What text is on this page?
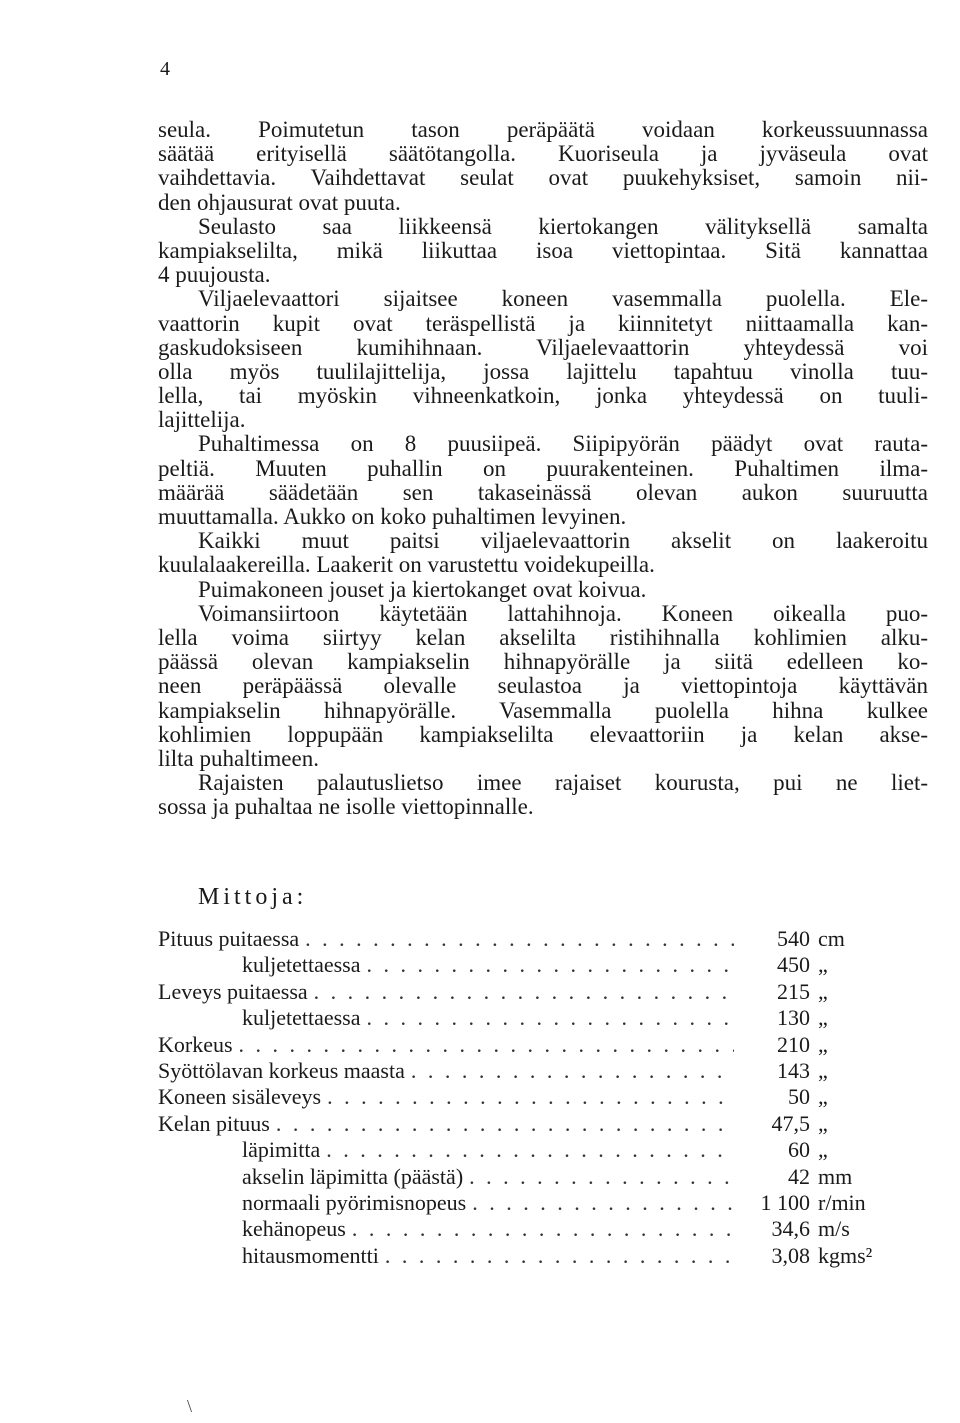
4
seula. Poimutetun tason peräpäätä voidaan korkeussuunnassa
säätää erityisellä säätötangolla. Kuoriseula ja jyväseula ovat
vaihdettavia. Vaihdettavat seulat ovat puukehyksiset, samoin nii-
den ohjausurat ovat puuta.
Seulasto saa liikkeensä kiertokangen välityksellä samalta
kampiakselilta, mikä liikuttaa isoa viettopintaa. Sitä kannattaa
4 puujousta.
Viljaelevaattori sijaitsee koneen vasemmalla puolella. Ele-
vaattorin kupit ovat teräspellistä ja kiinnitetyt niittaamalla kan-
gaskudoksiseen kumihihnaan. Viljaelevaattorin yhteydessä voi
olla myös tuulilajittelija, jossa lajittelu tapahtuu vinolla tuu-
lella, tai myöskin vihneenkatkoin, jonka yhteydessä on tuuli-
lajittelija.
Puhaltimessa on 8 puusiipeä. Siipipyörän päädyt ovat rauta-
peltiä. Muuten puhallin on puurakenteinen. Puhaltimen ilma-
määrää säädetään sen takaseinässä olevan aukon suuruutta
muuttamalla. Aukko on koko puhaltimen levyinen.
Kaikki muut paitsi viljaelevaattorin akselit on laakeroitu
kuulalaakereilla. Laakerit on varustettu voidekupeilla.
Puimakoneen jouset ja kiertokanget ovat koivua.
Voimansiirtoon käytetään lattahihnoja. Koneen oikealla puo-
lella voima siirtyy kelan akselilta ristihihnalla kohlimien alku-
päässä olevan kampiakselin hihnapyörälle ja siitä edelleen ko-
neen peräpäässä olevalle seulastoa ja viettopintoja käyttävän
kampiakselin hihnapyörälle. Vasemmalla puolella hihna kulkee
kohlimien loppupään kampiakselilta elevaattoriin ja kelan akse-
lilta puhaltimeen.
Rajaisten palautuslietso imee rajaiset kourusta, pui ne liet-
sossa ja puhaltaa ne isolle viettopinnalle.
Mittoja:
Pituus puitaessa . . .	540 cm
kuljetettaessa . . .	450 „
Leveys puitaessa . . .	215 „
kuljetettaessa . . .	130 „
Korkeus . . .	210 „
Syöttölavan korkeus maasta . . .	143 „
Koneen sisäleveys . . .	50 „
Kelan pituus . . .	47,5 „
läpimitta . . .	60 „
akselin läpimitta (päästä) . . .	42 mm
normaali pyörimisnopeus . . .	1 100 r/min
kehänopeus . . .	34,6 m/s
hitausmomentti . . .	3,08 kgms²
\
